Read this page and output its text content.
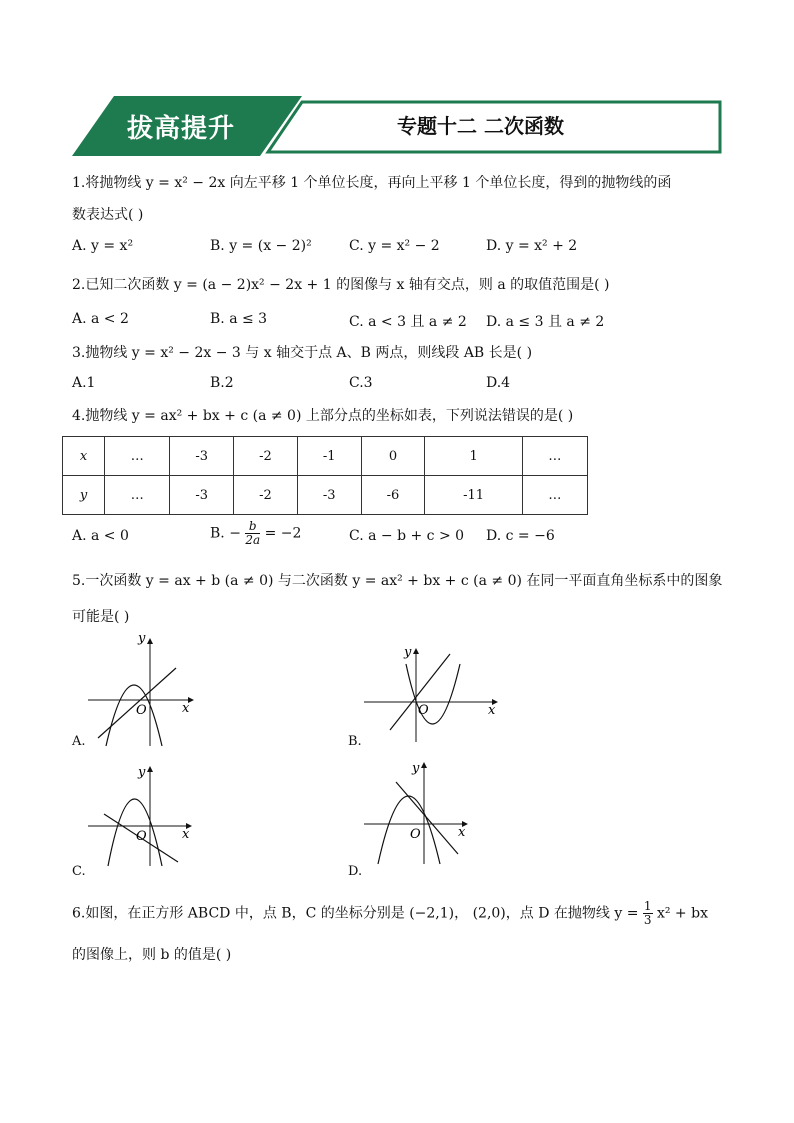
拔高提升	专题十二 二次函数
1.将抛物线 y = x² − 2x 向左平移 1 个单位长度，再向上平移 1 个单位长度，得到的抛物线的函
数表达式( )
A. y = x²	B. y = (x − 2)²	C. y = x² − 2	D. y = x² + 2
2.已知二次函数 y = (a − 2)x² − 2x + 1 的图像与 x 轴有交点，则 a 的取值范围是( )
A. a < 2	B. a ≤ 3	C. a < 3 且 a ≠ 2 D. a ≤ 3 且 a ≠ 2
3.抛物线 y = x² − 2x − 3 与 x 轴交于点 A、B 两点，则线段 AB 长是( )
A.1	B.2	C.3	D.4
4.抛物线 y = ax² + bx + c (a ≠ 0) 上部分点的坐标如表，下列说法错误的是( )
x	…	-3	-2	-1	0	1	…
y	…	-3	-2	-3	-6	-11	…
A. a < 0	B. − $\frac{b}{2a} = -2$	C. a − b + c > 0 D. c = −6
5.一次函数 y = ax + b (a ≠ 0) 与二次函数 y = ax² + bx + c (a ≠ 0) 在同一平面直角坐标系中的图象
可能是( )
y
x
O
A.
y
x
O
B.
y
x
O
C.
y
x
O
D.
6.如图，在正方形 ABCD 中，点 B，C 的坐标分别是 (−2,1)， (2,0)，点 D 在抛物线 $y = \frac{1}{3} x^2$ + bx
的图像上，则 b 的值是( )
